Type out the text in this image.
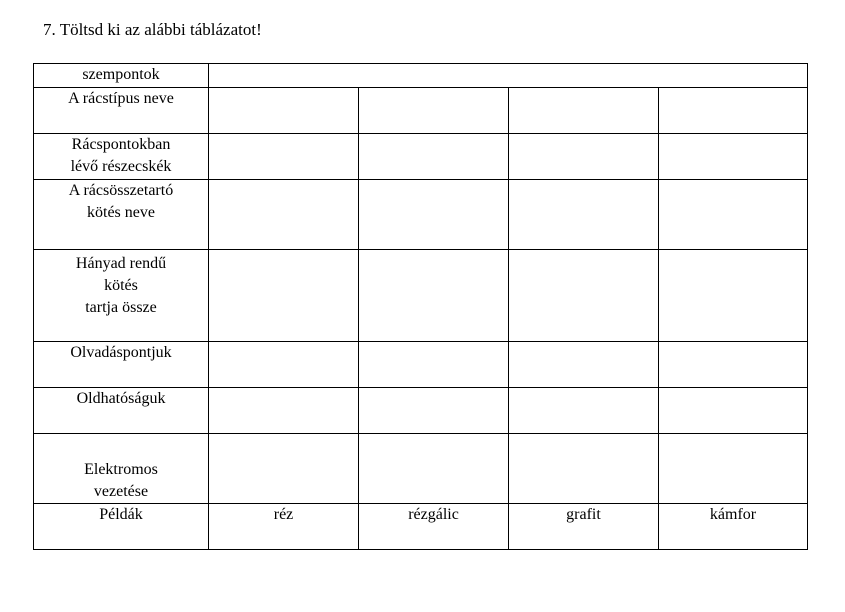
7. Töltsd ki az alábbi táblázatot!
szempontok				

A rácstípus neve				

Rácspontokban
lévő részecskék				

A rácsösszetartó
kötés neve				

Hányad rendű
kötés
tartja össze				

Olvadáspontjuk				

Oldhatóságuk				

Elektromos
vezetése				

Példák	réz	rézgálic	grafit	kámfor
